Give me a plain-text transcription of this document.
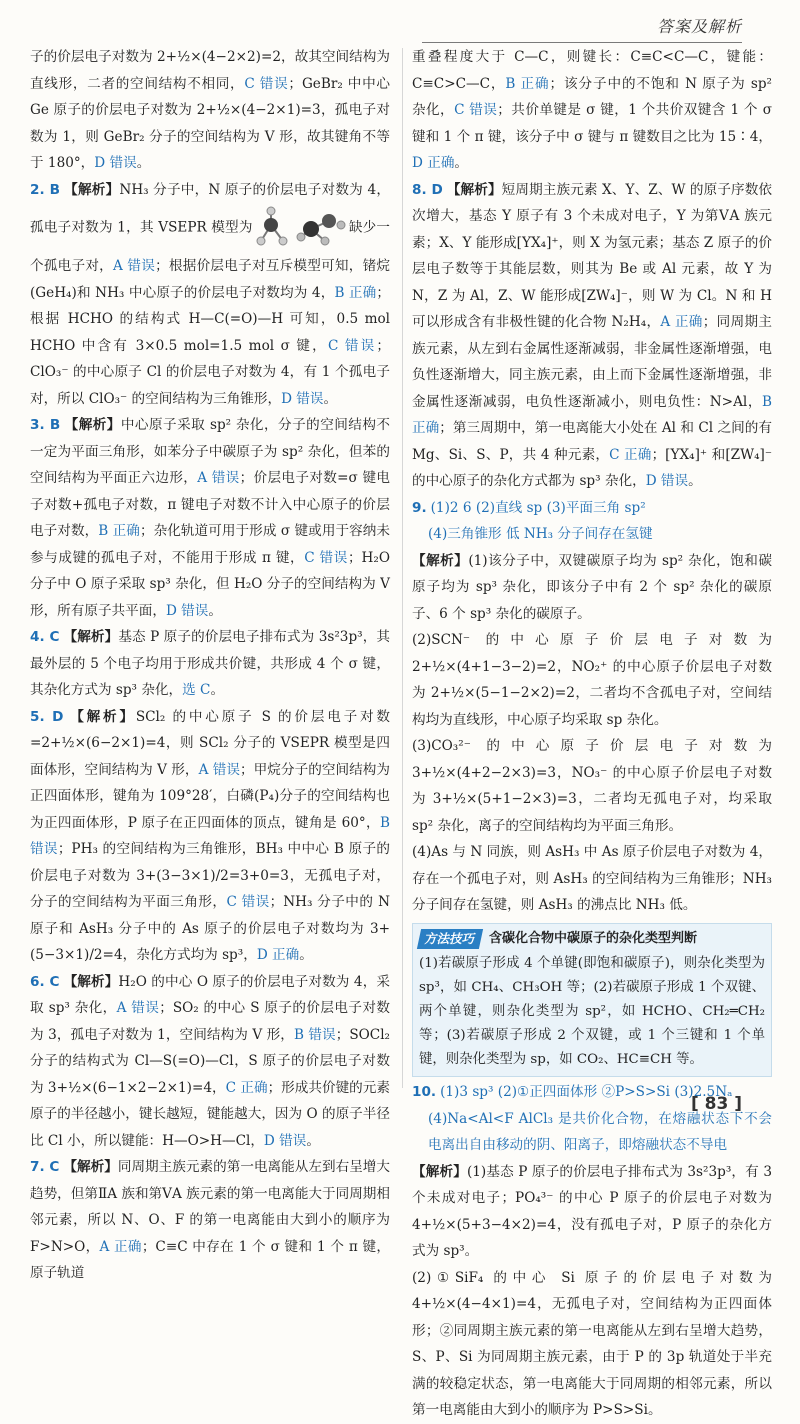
答案及解析

子的价层电子对数为 2+½×(4−2×2)=2，故其空间结构为直线形，二者的空间结构不相同，C 错误；GeBr₂ 中中心 Ge 原子的价层电子对数为 2+½×(4−2×1)=3，孤电子对数为 1，则 GeBr₂ 分子的空间结构为 V 形，故其键角不等于 180°，D 错误。

2. B 【解析】NH₃ 分子中，N 原子的价层电子对数为 4，孤电子对数为 1，其 VSEPR 模型为	缺少一个孤电子对，A 错误；根据价层电子对互斥模型可知，锗烷(GeH₄)和 NH₃ 中心原子的价层电子对数均为 4，B 正确；根据 HCHO 的结构式 H—C(=O)—H 可知，0.5 mol HCHO 中含有 3×0.5 mol=1.5 mol σ 键，C 错误；ClO₃⁻ 的中心原子 Cl 的价层电子对数为 4，有 1 个孤电子对，所以 ClO₃⁻ 的空间结构为三角锥形，D 错误。

3. B 【解析】中心原子采取 sp² 杂化，分子的空间结构不一定为平面三角形，如苯分子中碳原子为 sp² 杂化，但苯的空间结构为平面正六边形，A 错误；价层电子对数=σ 键电子对数+孤电子对数，π 键电子对数不计入中心原子的价层电子对数，B 正确；杂化轨道可用于形成 σ 键或用于容纳未参与成键的孤电子对，不能用于形成 π 键，C 错误；H₂O 分子中 O 原子采取 sp³ 杂化，但 H₂O 分子的空间结构为 V 形，所有原子共平面，D 错误。

4. C 【解析】基态 P 原子的价层电子排布式为 3s²3p³，其最外层的 5 个电子均用于形成共价键，共形成 4 个 σ 键，其杂化方式为 sp³ 杂化，选 C。

5. D 【解析】SCl₂ 的中心原子 S 的价层电子对数=2+½×(6−2×1)=4，则 SCl₂ 分子的 VSEPR 模型是四面体形，空间结构为 V 形，A 错误；甲烷分子的空间结构为正四面体形，键角为 109°28′，白磷(P₄)分子的空间结构也为正四面体形，P 原子在正四面体的顶点，键角是 60°，B 错误；PH₃ 的空间结构为三角锥形，BH₃ 中中心 B 原子的价层电子对数为 3+(3−3×1)/2=3+0=3，无孤电子对，分子的空间结构为平面三角形，C 错误；NH₃ 分子中的 N 原子和 AsH₃ 分子中的 As 原子的价层电子对数均为 3+(5−3×1)/2=4，杂化方式均为 sp³，D 正确。

6. C 【解析】H₂O 的中心 O 原子的价层电子对数为 4，采取 sp³ 杂化，A 错误；SO₂ 的中心 S 原子的价层电子对数为 3，孤电子对数为 1，空间结构为 V 形，B 错误；SOCl₂ 分子的结构式为 Cl—S(=O)—Cl，S 原子的价层电子对数为 3+½×(6−1×2−2×1)=4，C 正确；形成共价键的元素原子的半径越小，键长越短，键能越大，因为 O 的原子半径比 Cl 小，所以键能：H—O>H—Cl，D 错误。

7. C 【解析】同周期主族元素的第一电离能从左到右呈增大趋势，但第ⅡA 族和第ⅤA 族元素的第一电离能大于同周期相邻元素，所以 N、O、F 的第一电离能由大到小的顺序为 F>N>O，A 正确；C≡C 中存在 1 个 σ 键和 1 个 π 键，原子轨道

重叠程度大于 C—C，则键长：C≡C<C—C，键能：C≡C>C—C，B 正确；该分子中的不饱和 N 原子为 sp² 杂化，C 错误；共价单键是 σ 键，1 个共价双键含 1 个 σ 键和 1 个 π 键，该分子中 σ 键与 π 键数目之比为 15∶4，D 正确。

8. D 【解析】短周期主族元素 X、Y、Z、W 的原子序数依次增大，基态 Y 原子有 3 个未成对电子，Y 为第ⅤA 族元素；X、Y 能形成[YX₄]⁺，则 X 为氢元素；基态 Z 原子的价层电子数等于其能层数，则其为 Be 或 Al 元素，故 Y 为 N，Z 为 Al，Z、W 能形成[ZW₄]⁻，则 W 为 Cl。N 和 H 可以形成含有非极性键的化合物 N₂H₄，A 正确；同周期主族元素，从左到右金属性逐渐减弱，非金属性逐渐增强，电负性逐渐增大，同主族元素，由上而下金属性逐渐增强，非金属性逐渐减弱，电负性逐渐减小，则电负性：N>Al，B 正确；第三周期中，第一电离能大小处在 Al 和 Cl 之间的有 Mg、Si、S、P，共 4 种元素，C 正确；[YX₄]⁺ 和[ZW₄]⁻ 的中心原子的杂化方式都为 sp³ 杂化，D 错误。

9. (1)2 6 (2)直线 sp (3)平面三角 sp²

(4)三角锥形 低 NH₃ 分子间存在氢键

【解析】(1)该分子中，双键碳原子均为 sp² 杂化，饱和碳原子均为 sp³ 杂化，即该分子中有 2 个 sp² 杂化的碳原子、6 个 sp³ 杂化的碳原子。

(2)SCN⁻ 的中心原子价层电子对数为 2+½×(4+1−3−2)=2，NO₂⁺ 的中心原子价层电子对数为 2+½×(5−1−2×2)=2，二者均不含孤电子对，空间结构均为直线形，中心原子均采取 sp 杂化。

(3)CO₃²⁻ 的中心原子价层电子对数为 3+½×(4+2−2×3)=3，NO₃⁻ 的中心原子价层电子对数为 3+½×(5+1−2×3)=3，二者均无孤电子对，均采取 sp² 杂化，离子的空间结构均为平面三角形。

(4)As 与 N 同族，则 AsH₃ 中 As 原子价层电子对数为 4，存在一个孤电子对，则 AsH₃ 的空间结构为三角锥形；NH₃ 分子间存在氢键，则 AsH₃ 的沸点比 NH₃ 低。

方法技巧 含碳化合物中碳原子的杂化类型判断
(1)若碳原子形成 4 个单键(即饱和碳原子)，则杂化类型为 sp³，如 CH₄、CH₃OH 等；(2)若碳原子形成 1 个双键、两个单键，则杂化类型为 sp²，如 HCHO、CH₂═CH₂ 等；(3)若碳原子形成 2 个双键，或 1 个三键和 1 个单键，则杂化类型为 sp，如 CO₂、HC≡CH 等。

10. (1)3 sp³ (2)①正四面体形 ②P>S>Si (3)2.5Nₐ

(4)Na<Al<F AlCl₃ 是共价化合物，在熔融状态下不会电离出自由移动的阴、阳离子，即熔融状态不导电

【解析】(1)基态 P 原子的价层电子排布式为 3s²3p³，有 3 个未成对电子；PO₄³⁻ 的中心 P 原子的价层电子对数为 4+½×(5+3−4×2)=4，没有孤电子对，P 原子的杂化方式为 sp³。

(2)①SiF₄ 的中心 Si 原子的价层电子对数为 4+½×(4−4×1)=4，无孤电子对，空间结构为正四面体形；②同周期主族元素的第一电离能从左到右呈增大趋势，S、P、Si 为同周期主族元素，由于 P 的 3p 轨道处于半充满的较稳定状态，第一电离能大于同周期的相邻元素，所以第一电离能由大到小的顺序为 P>S>Si。

[ 83 ]
